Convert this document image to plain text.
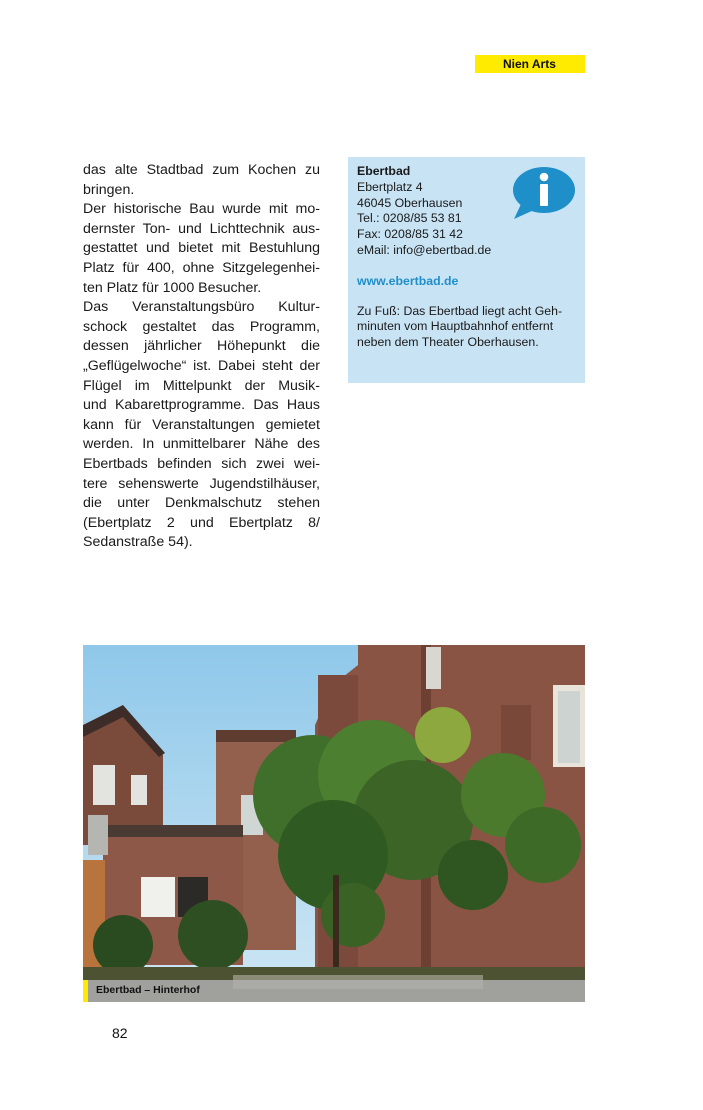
Nien Arts

das alte Stadtbad zum Kochen zu
bringen.

Der historische Bau wurde mit mo-
dernster Ton- und Lichttechnik aus-
gestattet und bietet mit Bestuhlung
Platz für 400, ohne Sitzgelegenhei-
ten Platz für 1000 Besucher.

Das Veranstaltungsbüro Kultur-
schock gestaltet das Programm,
dessen jährlicher Höhepunkt die
„Geflügelwoche“ ist. Dabei steht der
Flügel im Mittelpunkt der Musik-
und Kabarettprogramme. Das Haus
kann für Veranstaltungen gemietet
werden. In unmittelbarer Nähe des
Ebertbads befinden sich zwei wei-
tere sehenswerte Jugendstilhäuser,
die unter Denkmalschutz stehen
(Ebertplatz 2 und Ebertplatz 8/
Sedanstraße 54).

Ebertbad
Ebertplatz 4
46045 Oberhausen
Tel.: 0208/85 53 81
Fax: 0208/85 31 42
eMail: info@ebertbad.de
www.ebertbad.de
Zu Fuß: Das Ebertbad liegt acht Geh-
minuten vom Hauptbahnhof entfernt
neben dem Theater Oberhausen.
Ebertbad – Hinterhof
82
